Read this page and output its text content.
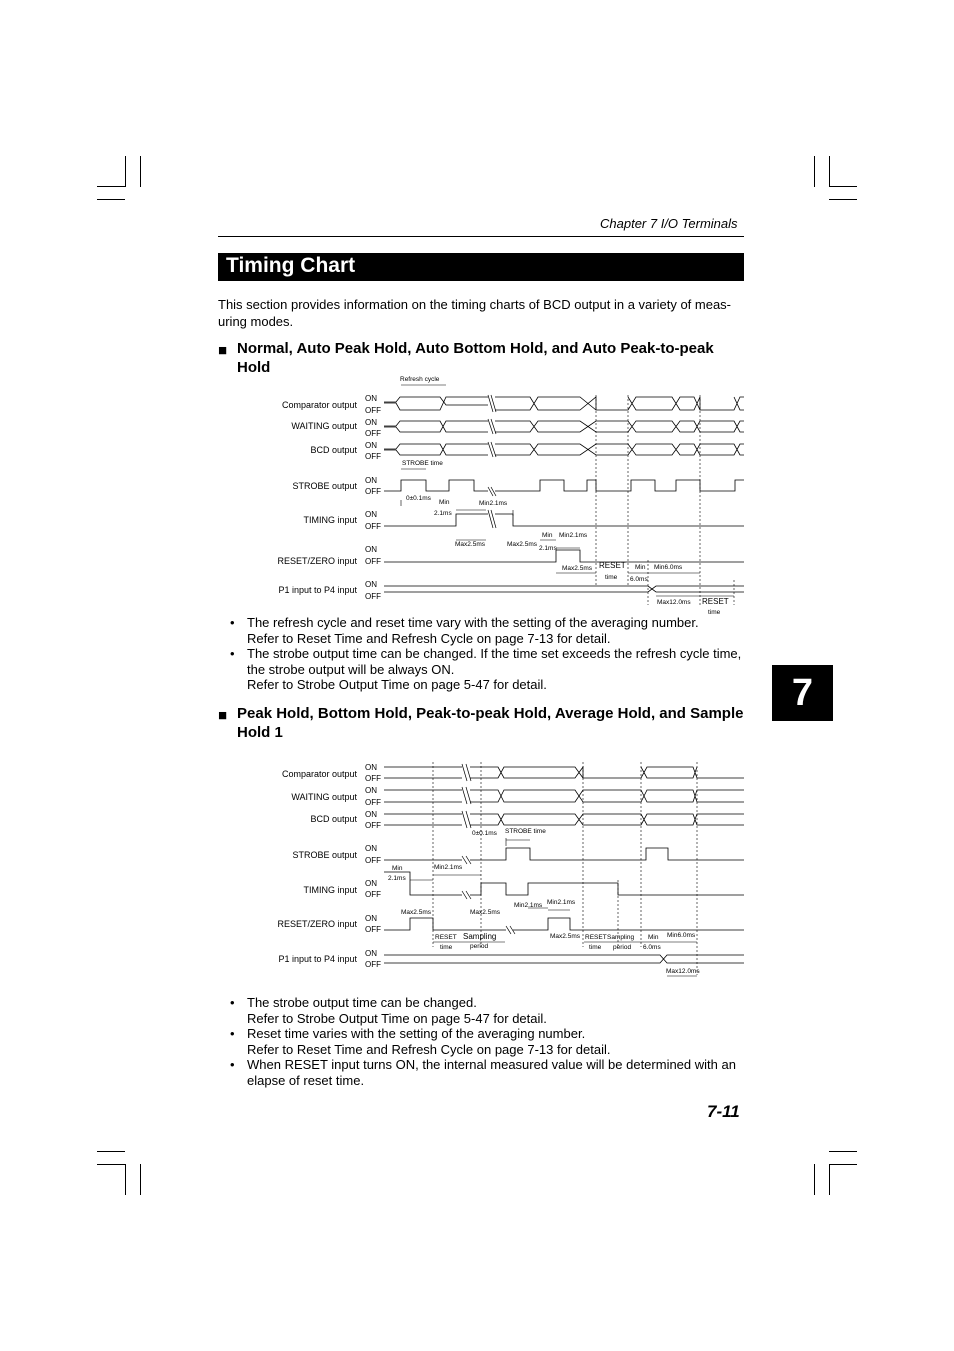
Chapter 7 I/O Terminals
Timing Chart
This section provides information on the timing charts of BCD output in a variety of meas-uring modes.
■ Normal, Auto Peak Hold, Auto Bottom Hold, and Auto Peak-to-peak Hold
Comparator output
WAITING output
BCD output
STROBE output
TIMING input
RESET/ZERO input
P1 input to P4 input
ON
OFF
ON
OFF
ON
OFF
ON
OFF
ON
OFF
ON
OFF
ON
OFF
Refresh cycle
STROBE time
0±0.1ms
Min
2.1ms
Min2.1ms
Max2.5ms	Max2.5ms
Min Min2.1ms
2.1ms
Max2.5ms RESET
time
Min
6.0ms
Min6.0ms
Max12.0ms RESET
time
• The refresh cycle and reset time vary with the setting of the averaging number.
Refer to Reset Time and Refresh Cycle on page 7-13 for detail.
• The strobe output time can be changed. If the time set exceeds the refresh cycle time, the strobe output will be always ON.
Refer to Strobe Output Time on page 5-47 for detail.	7
■ Peak Hold, Bottom Hold, Peak-to-peak Hold, Average Hold, and Sample Hold 1
Comparator output
WAITING output
BCD output
STROBE output
TIMING input
RESET/ZERO input
P1 input to P4 input
ON
OFF
ON
OFF
ON
OFF
ON
OFF
ON
OFF
ON
OFF
ON
OFF
0±0.1ms STROBE time
Min
2.1ms
Min2.1ms
Max2.5ms	Max2.5ms
Min2.1ms Min2.1ms
RESET
time
Sampling
period
Max2.5ms RESET
time
Sampling
period
Min
6.0ms
Min6.0ms
Max12.0ms
• The strobe output time can be changed.
Refer to Strobe Output Time on page 5-47 for detail.
• Reset time varies with the setting of the averaging number.
Refer to Reset Time and Refresh Cycle on page 7-13 for detail.
• When RESET input turns ON, the internal measured value will be determined with an elapse of reset time.
7-11
